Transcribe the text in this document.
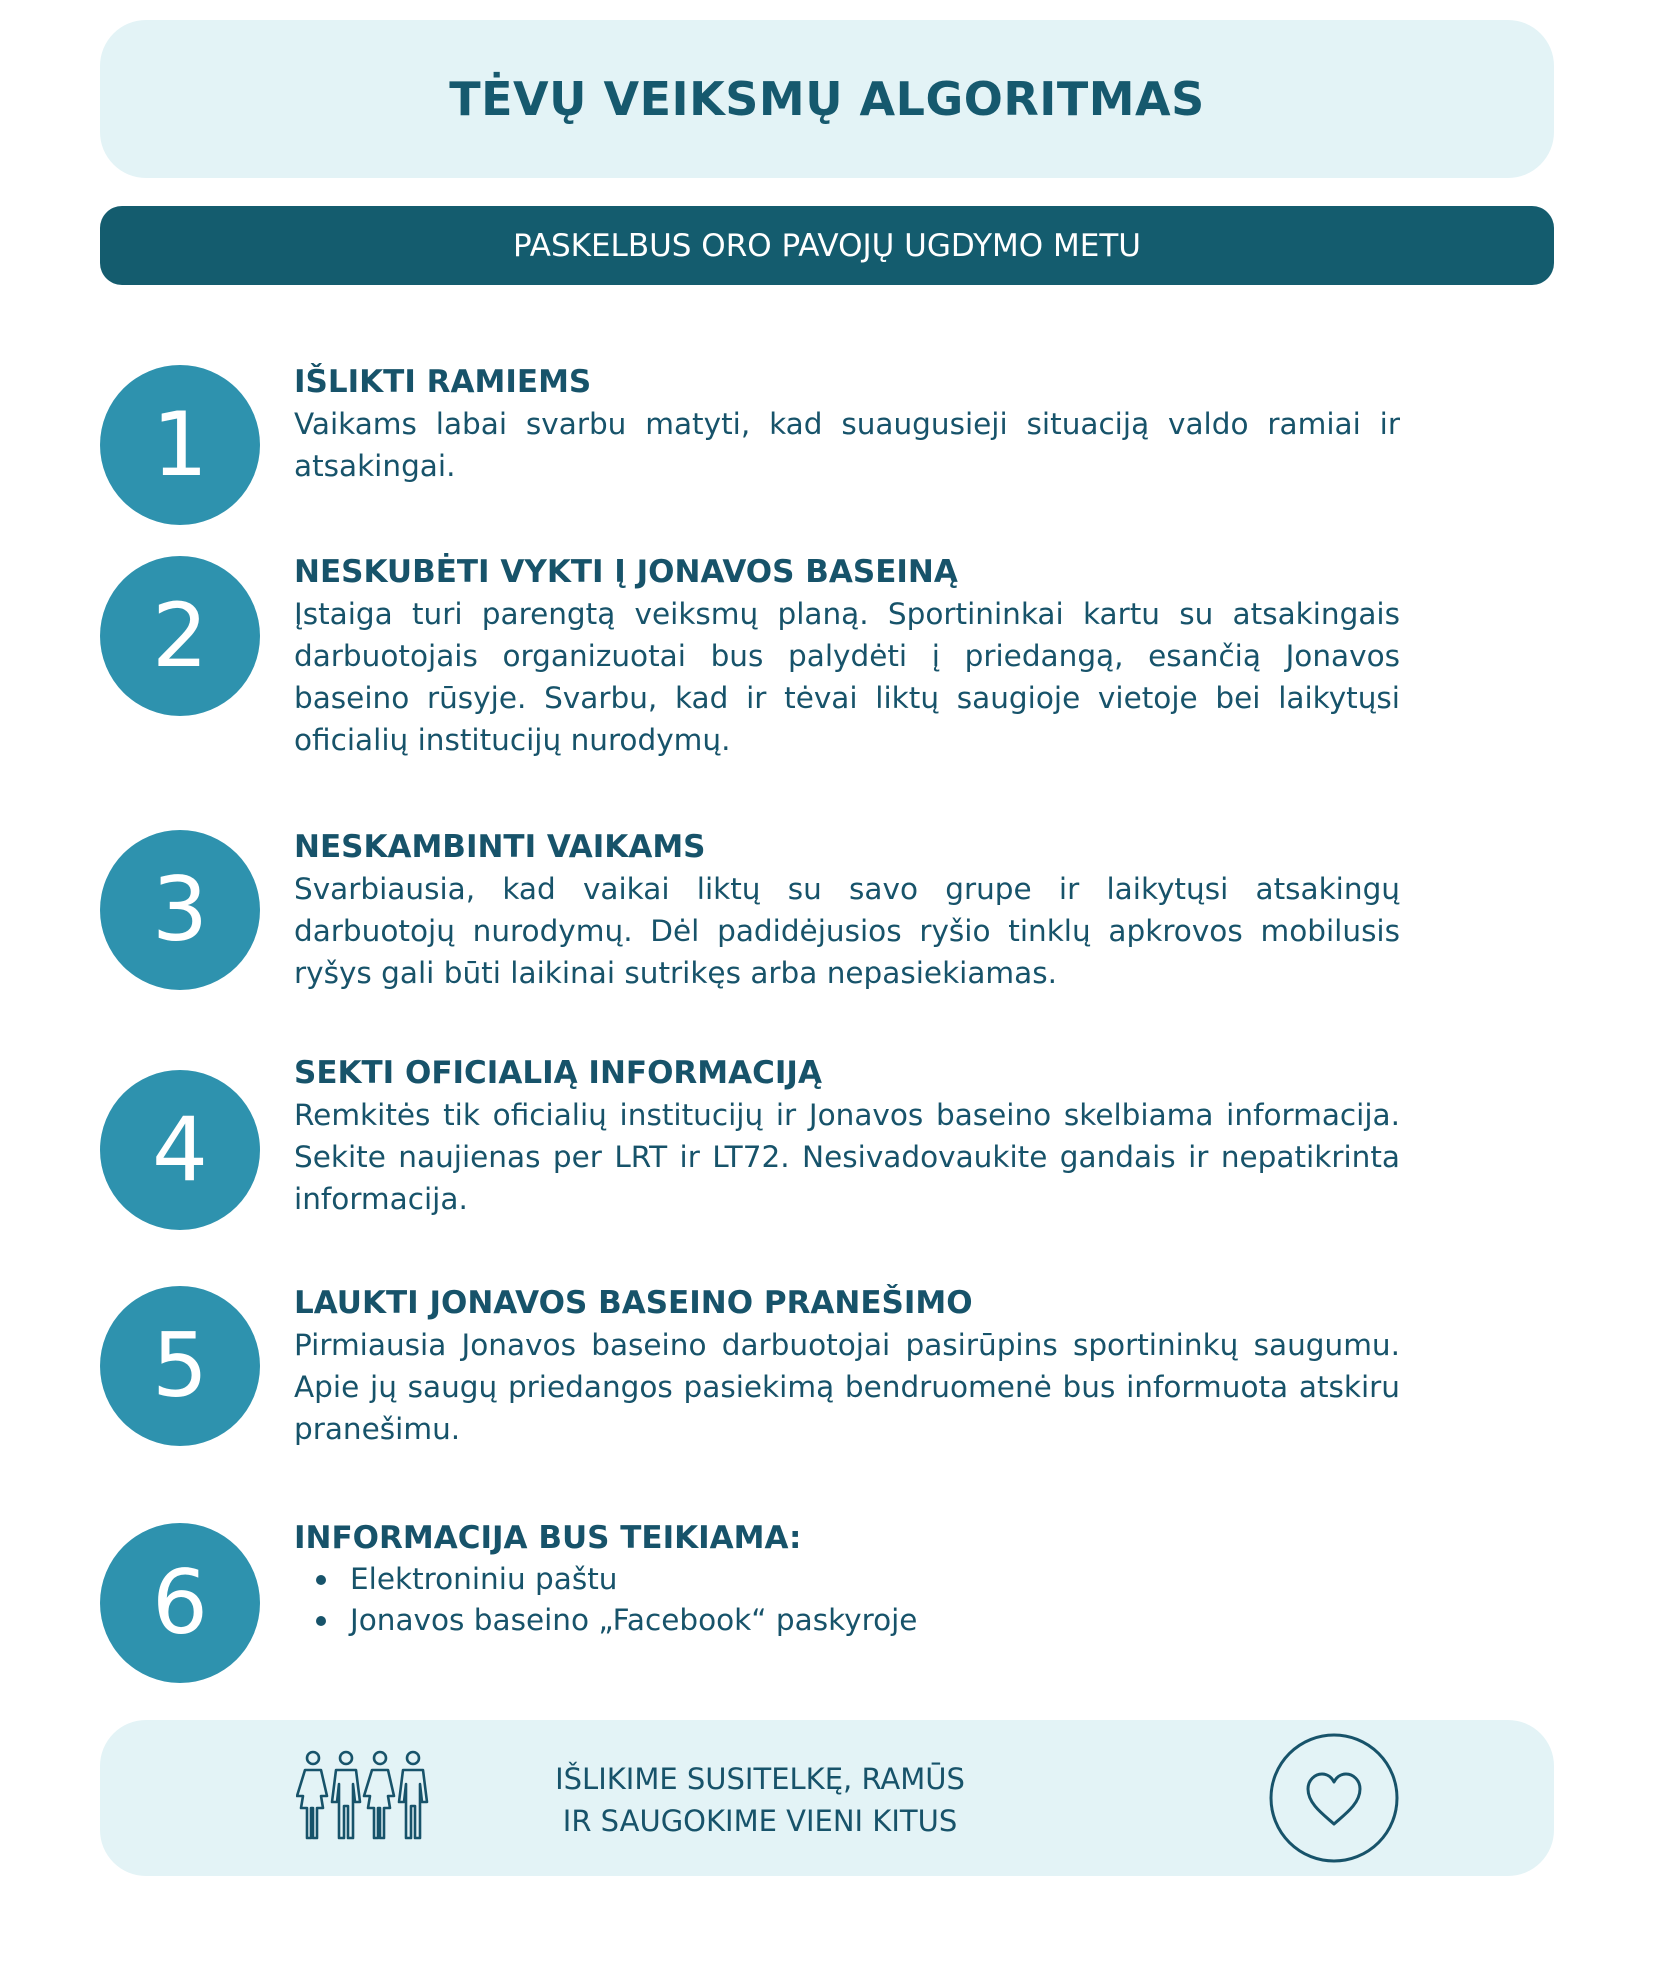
TĖVŲ VEIKSMŲ ALGORITMAS
PASKELBUS ORO PAVOJŲ UGDYMO METU
1

IŠLIKTI RAMIEMS

Vaikams labai svarbu matyti, kad suaugusieji situaciją valdo ramiai ir atsakingai.

2

NESKUBĖTI VYKTI Į JONAVOS BASEINĄ

Įstaiga turi parengtą veiksmų planą. Sportininkai kartu su atsakingais darbuotojais organizuotai bus palydėti į priedangą, esančią Jonavos baseino rūsyje. Svarbu, kad ir tėvai liktų saugioje vietoje bei laikytųsi oficialių institucijų nurodymų.

3

NESKAMBINTI VAIKAMS

Svarbiausia, kad vaikai liktų su savo grupe ir laikytųsi atsakingų darbuotojų nurodymų. Dėl padidėjusios ryšio tinklų apkrovos mobilusis ryšys gali būti laikinai sutrikęs arba nepasiekiamas.

4

SEKTI OFICIALIĄ INFORMACIJĄ

Remkitės tik oficialių institucijų ir Jonavos baseino skelbiama informacija. Sekite naujienas per LRT ir LT72. Nesivadovaukite gandais ir nepatikrinta informacija.

5

LAUKTI JONAVOS BASEINO PRANEŠIMO

Pirmiausia Jonavos baseino darbuotojai pasirūpins sportininkų saugumu. Apie jų saugų priedangos pasiekimą bendruomenė bus informuota atskiru pranešimu.

6

INFORMACIJA BUS TEIKIAMA:

Elektroniniu paštu
Jonavos baseino „Facebook“ paskyroje
IŠLIKIME SUSITELKĘ, RAMŪS
IR SAUGOKIME VIENI KITUS
